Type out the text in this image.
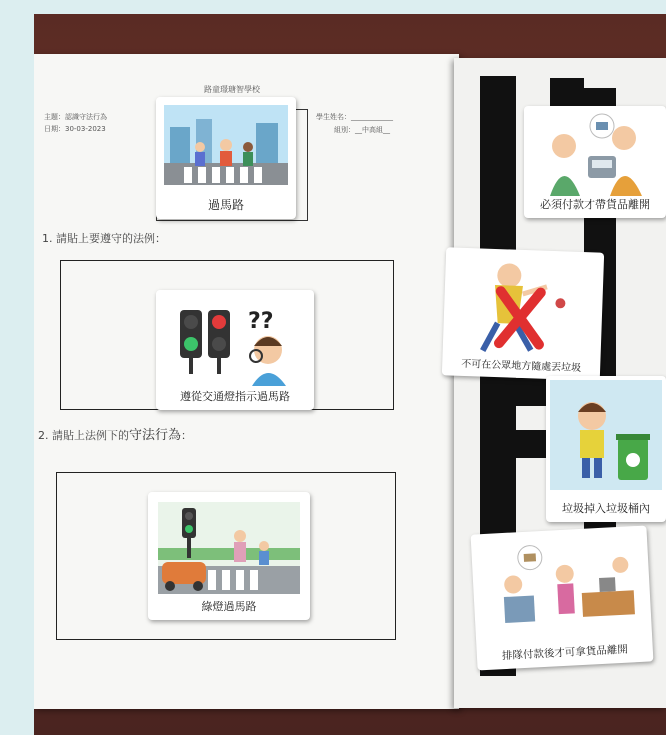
路童璟瑭智學校
主題：認識守法行為
日期：30-03-2023
學生姓名：____________
組別：__中高組__
1. 請貼上要遵守的法例：
2. 請貼上法例下的守法行為：
過馬路
??
遵從交通燈指示過馬路
綠燈過馬路
必須付款才帶貨品離開
不可在公眾地方隨處丟垃圾
垃圾掉入垃圾桶內
排隊付款後才可拿貨品離開
